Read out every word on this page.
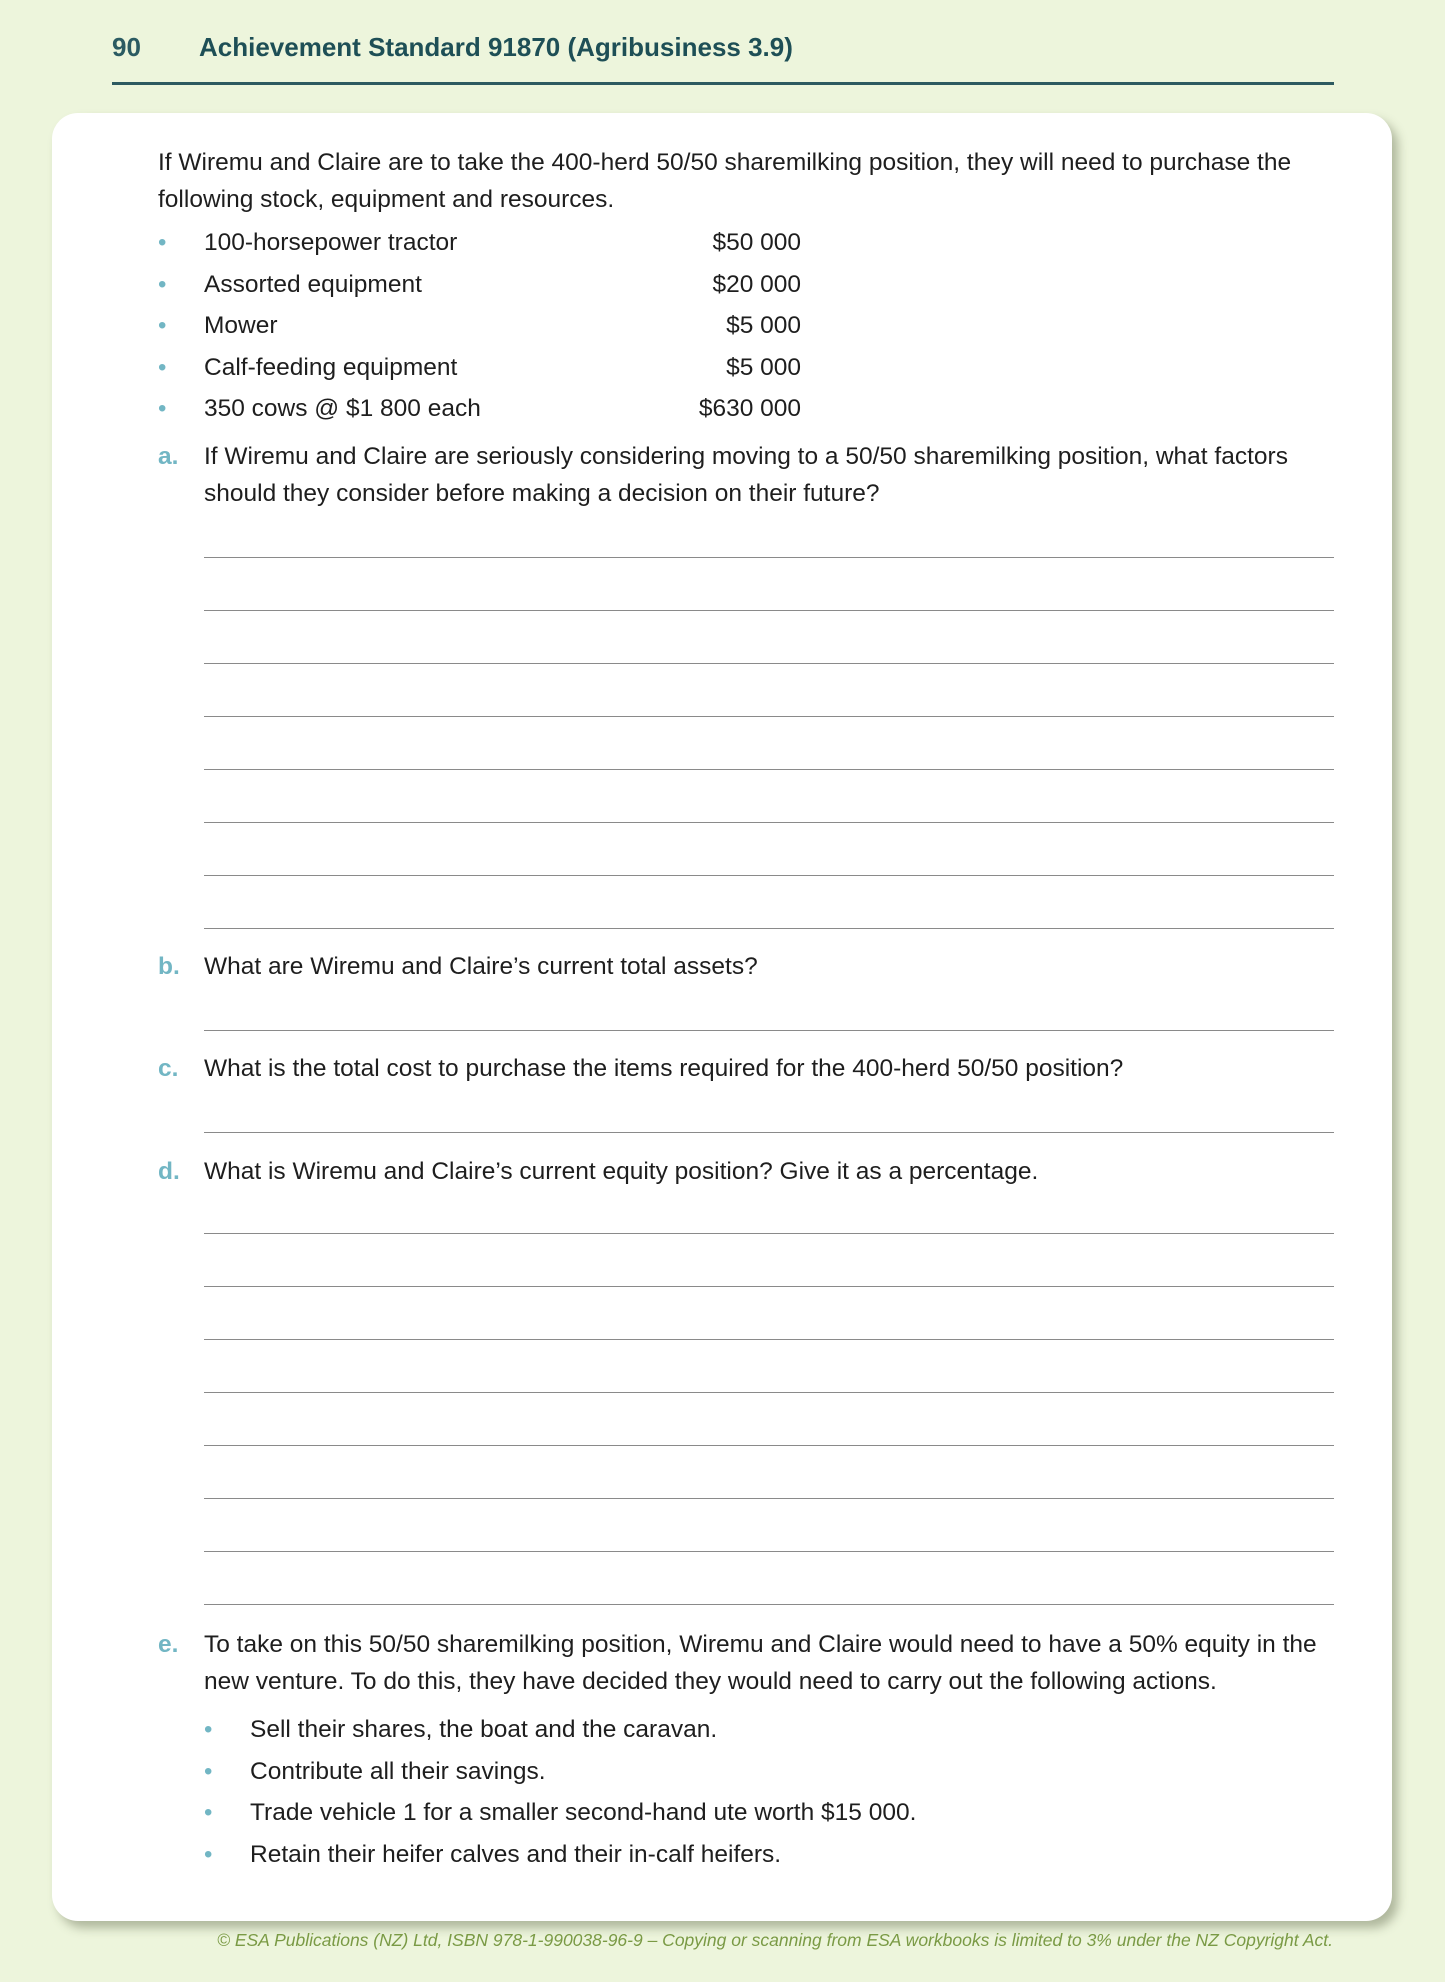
90 Achievement Standard 91870 (Agribusiness 3.9)

If Wiremu and Claire are to take the 400-herd 50/50 sharemilking position, they will need to purchase the following stock, equipment and resources.

• 100-horsepower tractor	$50 000
• Assorted equipment	$20 000
• Mower	$5 000
• Calf-feeding equipment	$5 000
• 350 cows @ $1 800 each	$630 000
a. If Wiremu and Claire are seriously considering moving to a 50/50 sharemilking position, what factors should they consider before making a decision on their future?
b. What are Wiremu and Claire’s current total assets?
c. What is the total cost to purchase the items required for the 400-herd 50/50 position?
d. What is Wiremu and Claire’s current equity position? Give it as a percentage.
e. To take on this 50/50 sharemilking position, Wiremu and Claire would need to have a 50% equity in the new venture. To do this, they have decided they would need to carry out the following actions.
• Sell their shares, the boat and the caravan.
• Contribute all their savings.
• Trade vehicle 1 for a smaller second-hand ute worth $15 000.
• Retain their heifer calves and their in-calf heifers.
© ESA Publications (NZ) Ltd, ISBN 978-1-990038-96-9 – Copying or scanning from ESA workbooks is limited to 3% under the NZ Copyright Act.
